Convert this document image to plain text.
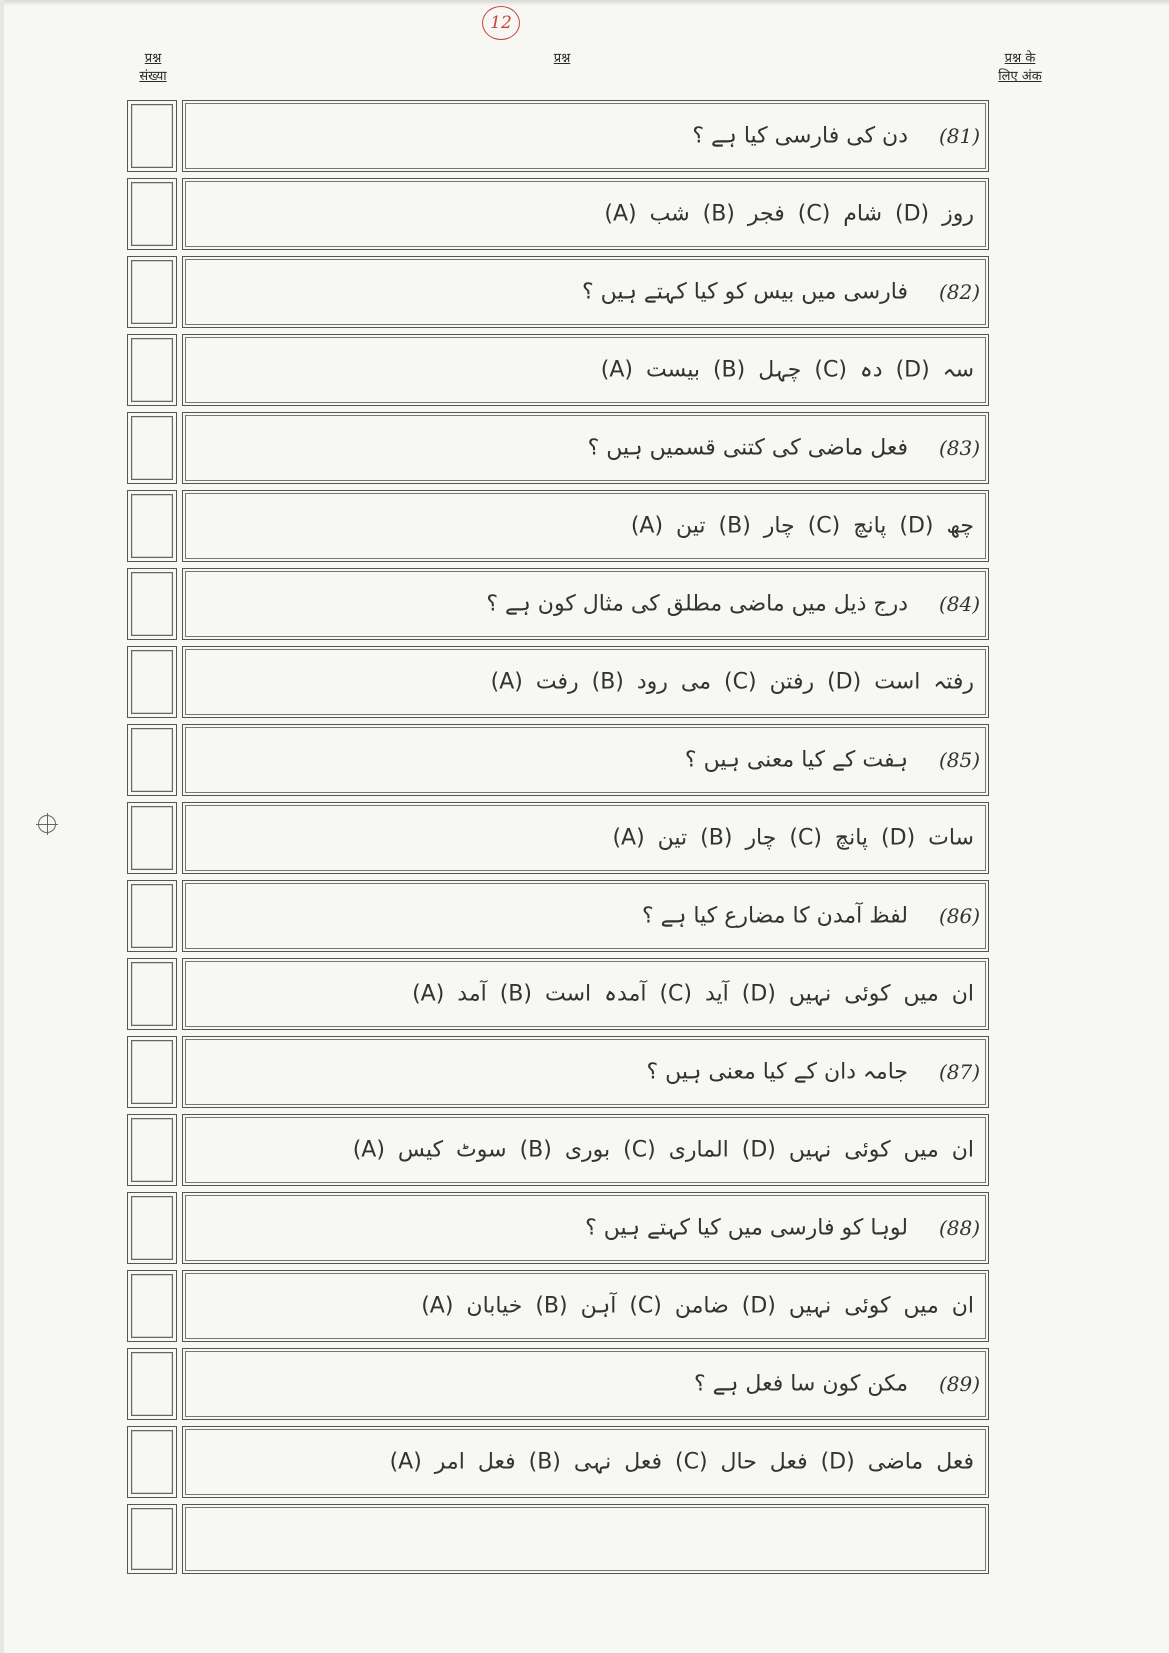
12
प्रश्न
संख्या
प्रश्न	प्रश्न के
लिए अंक
(81)
دن کی فارسی کیا ہے ؟
(A) شب (B) فجر (C) شام (D) روز
(82)
فارسی میں بیس کو کیا کہتے ہیں ؟
(A) بیست (B) چہل (C) دہ (D) سہ
(83)
فعل ماضی کی کتنی قسمیں ہیں ؟
(A) تین (B) چار (C) پانچ (D) چھ
(84)
درج ذیل میں ماضی مطلق کی مثال کون ہے ؟
(A) رفت (B) می رود (C) رفتن (D) رفتہ است
(85)
ہفت کے کیا معنی ہیں ؟
(A) تین (B) چار (C) پانچ (D) سات
(86)
لفظ آمدن کا مضارع کیا ہے ؟
(A) آمد (B) آمدہ است (C) آید (D) ان میں کوئی نہیں
(87)
جامہ دان کے کیا معنی ہیں ؟
(A) سوٹ کیس (B) بوری (C) الماری (D) ان میں کوئی نہیں
(88)
لوہا کو فارسی میں کیا کہتے ہیں ؟
(A) خیابان (B) آہن (C) ضامن (D) ان میں کوئی نہیں
(89)
مکن کون سا فعل ہے ؟
(A) فعل امر (B) فعل نہی (C) فعل حال (D) فعل ماضی
